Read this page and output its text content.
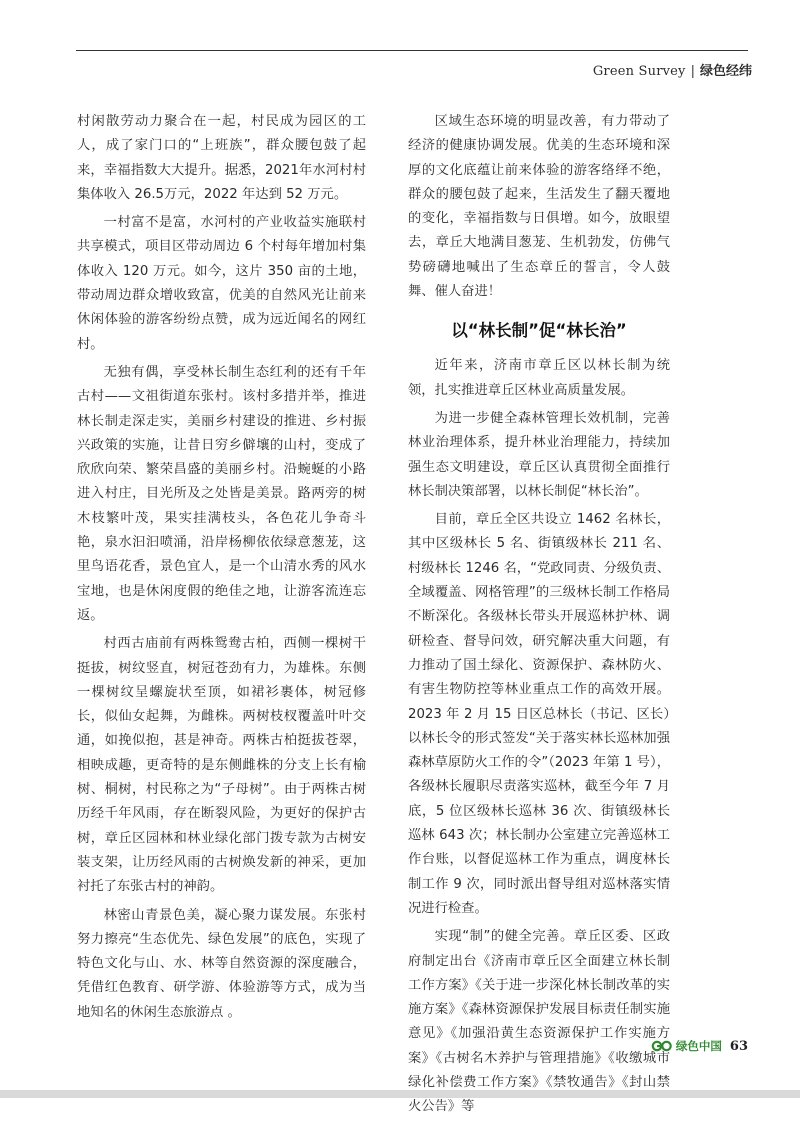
Green Survey | 绿色经纬

村闲散劳动力聚合在一起，村民成为园区的工人，成了家门口的“上班族”，群众腰包鼓了起来，幸福指数大大提升。据悉，2021年水河村村集体收入 26.5万元，2022 年达到 52 万元。

一村富不是富，水河村的产业收益实施联村共享模式，项目区带动周边 6 个村每年增加村集体收入 120 万元。如今，这片 350 亩的土地，带动周边群众增收致富，优美的自然风光让前来休闲体验的游客纷纷点赞，成为远近闻名的网红村。

无独有偶，享受林长制生态红利的还有千年古村——文祖街道东张村。该村多措并举，推进林长制走深走实，美丽乡村建设的推进、乡村振兴政策的实施，让昔日穷乡僻壤的山村，变成了欣欣向荣、繁荣昌盛的美丽乡村。沿蜿蜒的小路进入村庄，目光所及之处皆是美景。路两旁的树木枝繁叶茂，果实挂满枝头，各色花儿争奇斗艳，泉水汩汩喷涌，沿岸杨柳依依绿意葱茏，这里鸟语花香，景色宜人，是一个山清水秀的风水宝地，也是休闲度假的绝佳之地，让游客流连忘返。

村西古庙前有两株鸳鸯古柏，西侧一棵树干挺拔，树纹竖直，树冠苍劲有力，为雄株。东侧一棵树纹呈螺旋状至顶，如裙衫裹体，树冠修长，似仙女起舞，为雌株。两树枝杈覆盖叶叶交通，如挽似抱，甚是神奇。两株古柏挺拔苍翠，相映成趣，更奇特的是东侧雌株的分支上长有榆树、桐树，村民称之为“子母树”。由于两株古树历经千年风雨，存在断裂风险，为更好的保护古树，章丘区园林和林业绿化部门拨专款为古树安装支架，让历经风雨的古树焕发新的神采，更加衬托了东张古村的神韵。

林密山青景色美，凝心聚力谋发展。东张村努力擦亮“生态优先、绿色发展”的底色，实现了特色文化与山、水、林等自然资源的深度融合，凭借红色教育、研学游、体验游等方式，成为当地知名的休闲生态旅游点 。

区域生态环境的明显改善，有力带动了经济的健康协调发展。优美的生态环境和深厚的文化底蕴让前来体验的游客络绎不绝，群众的腰包鼓了起来，生活发生了翻天覆地的变化，幸福指数与日俱增。如今，放眼望去，章丘大地满目葱茏、生机勃发，仿佛气势磅礴地喊出了生态章丘的誓言，令人鼓舞、催人奋进！

以“林长制”促“林长治”

近年来，济南市章丘区以林长制为统领，扎实推进章丘区林业高质量发展。

为进一步健全森林管理长效机制，完善林业治理体系，提升林业治理能力，持续加强生态文明建设，章丘区认真贯彻全面推行林长制决策部署，以林长制促“林长治”。

目前，章丘全区共设立 1462 名林长，其中区级林长 5 名、街镇级林长 211 名、村级林长 1246 名，“党政同责、分级负责、全域覆盖、网格管理”的三级林长制工作格局不断深化。各级林长带头开展巡林护林、调研检查、督导问效，研究解决重大问题，有力推动了国土绿化、资源保护、森林防火、有害生物防控等林业重点工作的高效开展。2023 年 2 月 15 日区总林长（书记、区长）以林长令的形式签发“关于落实林长巡林加强森林草原防火工作的令”（2023 年第 1 号），各级林长履职尽责落实巡林，截至今年 7 月底，5 位区级林长巡林 36 次、街镇级林长巡林 643 次；林长制办公室建立完善巡林工作台账，以督促巡林工作为重点，调度林长制工作 9 次，同时派出督导组对巡林落实情况进行检查。

实现“制”的健全完善。章丘区委、区政府制定出台《济南市章丘区全面建立林长制工作方案》《关于进一步深化林长制改革的实施方案》《森林资源保护发展目标责任制实施意见》《加强沿黄生态资源保护工作实施方案》《古树名木养护与管理措施》《收缴城市绿化补偿费工作方案》《禁牧通告》《封山禁火公告》等

绿色中国 63
